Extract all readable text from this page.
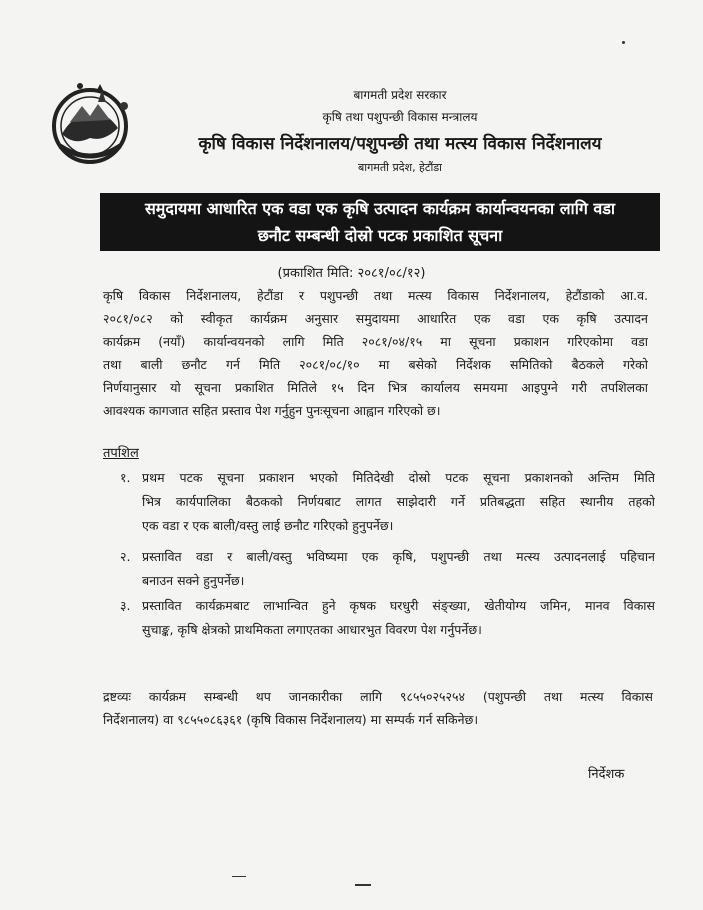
बागमती प्रदेश सरकार
कृषि तथा पशुपन्छी विकास मन्त्रालय
कृषि विकास निर्देशनालय/पशुपन्छी तथा मत्स्य विकास निर्देशनालय
बागमती प्रदेश, हेटौंडा
समुदायमा आधारित एक वडा एक कृषि उत्पादन कार्यक्रम कार्यान्वयनका लागि वडा
छनौट सम्बन्धी दोस्रो पटक प्रकाशित सूचना
(प्रकाशित मिति: २०८१/०८/१२)
कृषि विकास निर्देशनालय, हेटौंडा र पशुपन्छी तथा मत्स्य विकास निर्देशनालय, हेटौंडाको आ.व.
२०८१/०८२ को स्वीकृत कार्यक्रम अनुसार समुदायमा आधारित एक वडा एक कृषि उत्पादन
कार्यक्रम (नयाँ) कार्यान्वयनको लागि मिति २०८१/०४/१५ मा सूचना प्रकाशन गरिएकोमा वडा
तथा बाली छनौट गर्न मिति २०८१/०८/१० मा बसेको निर्देशक समितिको बैठकले गरेको
निर्णयानुसार यो सूचना प्रकाशित मितिले १५ दिन भित्र कार्यालय समयमा आइपुग्ने गरी तपशिलका
आवश्यक कागजात सहित प्रस्ताव पेश गर्नुहुन पुनःसूचना आह्वान गरिएको छ।
तपशिल
१. प्रथम पटक सूचना प्रकाशन भएको मितिदेखी दोस्रो पटक सूचना प्रकाशनको अन्तिम मिति
भित्र कार्यपालिका बैठकको निर्णयबाट लागत साझेदारी गर्ने प्रतिबद्धता सहित स्थानीय तहको
एक वडा र एक बाली/वस्तु लाई छनौट गरिएको हुनुपर्नेछ।
२. प्रस्तावित वडा र बाली/वस्तु भविष्यमा एक कृषि, पशुपन्छी तथा मत्स्य उत्पादनलाई पहिचान
बनाउन सक्ने हुनुपर्नेछ।
३. प्रस्तावित कार्यक्रमबाट लाभान्वित हुने कृषक घरधुरी संङ्ख्या, खेतीयोग्य जमिन, मानव विकास
सुचाङ्क, कृषि क्षेत्रको प्राथमिकता लगाएतका आधारभुत विवरण पेश गर्नुपर्नेछ।
द्रष्टव्यः कार्यक्रम सम्बन्धी थप जानकारीका लागि ९८५५०२५२५४ (पशुपन्छी तथा मत्स्य विकास
निर्देशनालय) वा ९८५५०८६३६१ (कृषि विकास निर्देशनालय) मा सम्पर्क गर्न सकिनेछ।
निर्देशक
